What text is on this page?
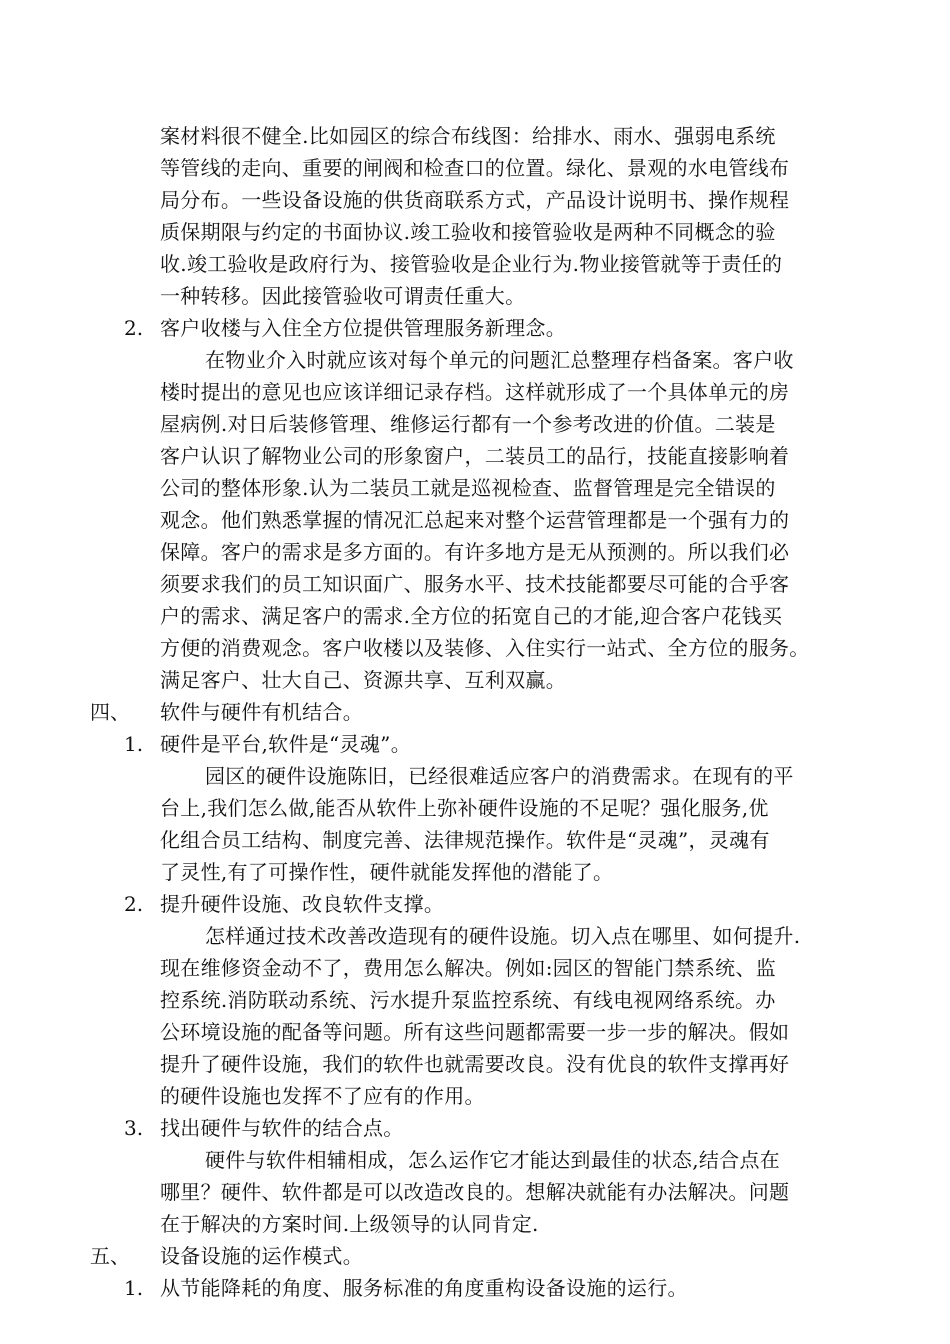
案材料很不健全.比如园区的综合布线图：给排水、雨水、强弱电系统
等管线的走向、重要的闸阀和检查口的位置。绿化、景观的水电管线布
局分布。一些设备设施的供货商联系方式，产品设计说明书、操作规程
质保期限与约定的书面协议.竣工验收和接管验收是两种不同概念的验
收.竣工验收是政府行为、接管验收是企业行为.物业接管就等于责任的
一种转移。因此接管验收可谓责任重大。
2. 客户收楼与入住全方位提供管理服务新理念。
在物业介入时就应该对每个单元的问题汇总整理存档备案。客户收
楼时提出的意见也应该详细记录存档。这样就形成了一个具体单元的房
屋病例.对日后装修管理、维修运行都有一个参考改进的价值。二装是
客户认识了解物业公司的形象窗户，二装员工的品行，技能直接影响着
公司的整体形象.认为二装员工就是巡视检查、监督管理是完全错误的
观念。他们熟悉掌握的情况汇总起来对整个运营管理都是一个强有力的
保障。客户的需求是多方面的。有许多地方是无从预测的。所以我们必
须要求我们的员工知识面广、服务水平、技术技能都要尽可能的合乎客
户的需求、满足客户的需求.全方位的拓宽自己的才能,迎合客户花钱买
方便的消费观念。客户收楼以及装修、入住实行一站式、全方位的服务。
满足客户、壮大自己、资源共享、互利双赢。
四、 软件与硬件有机结合。
1. 硬件是平台,软件是“灵魂”。
园区的硬件设施陈旧，已经很难适应客户的消费需求。在现有的平
台上,我们怎么做,能否从软件上弥补硬件设施的不足呢？强化服务,优
化组合员工结构、制度完善、法律规范操作。软件是“灵魂”，灵魂有
了灵性,有了可操作性，硬件就能发挥他的潜能了。
2. 提升硬件设施、改良软件支撑。
怎样通过技术改善改造现有的硬件设施。切入点在哪里、如何提升.
现在维修资金动不了，费用怎么解决。例如:园区的智能门禁系统、监
控系统.消防联动系统、污水提升泵监控系统、有线电视网络系统。办
公环境设施的配备等问题。所有这些问题都需要一步一步的解决。假如
提升了硬件设施，我们的软件也就需要改良。没有优良的软件支撑再好
的硬件设施也发挥不了应有的作用。
3. 找出硬件与软件的结合点。
硬件与软件相辅相成，怎么运作它才能达到最佳的状态,结合点在
哪里？硬件、软件都是可以改造改良的。想解决就能有办法解决。问题
在于解决的方案时间.上级领导的认同肯定.
五、 设备设施的运作模式。
1. 从节能降耗的角度、服务标准的角度重构设备设施的运行。
